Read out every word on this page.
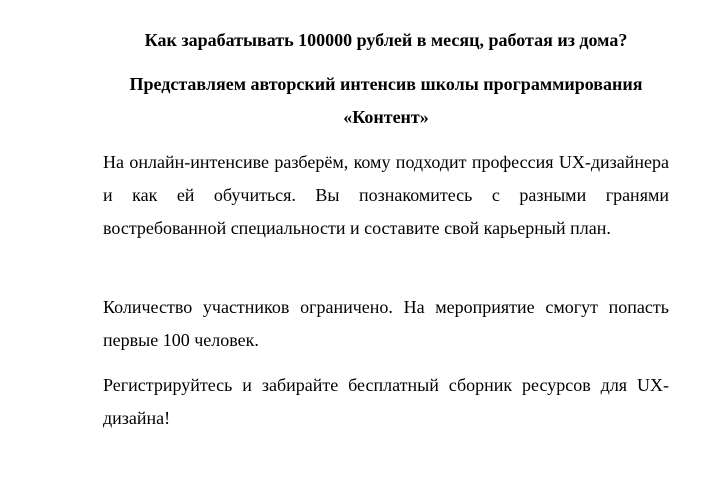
Как зарабатывать 100000 рублей в месяц, работая из дома?
Представляем авторский интенсив школы программирования
«Контент»

На онлайн-интенсиве разберём, кому подходит профессия UX-дизайнера и как ей обучиться. Вы познакомитесь с разными гранями востребованной специальности и составите свой карьерный план.

Количество участников ограничено. На мероприятие смогут попасть первые 100 человек.

Регистрируйтесь и забирайте бесплатный сборник ресурсов для UX-дизайна!
